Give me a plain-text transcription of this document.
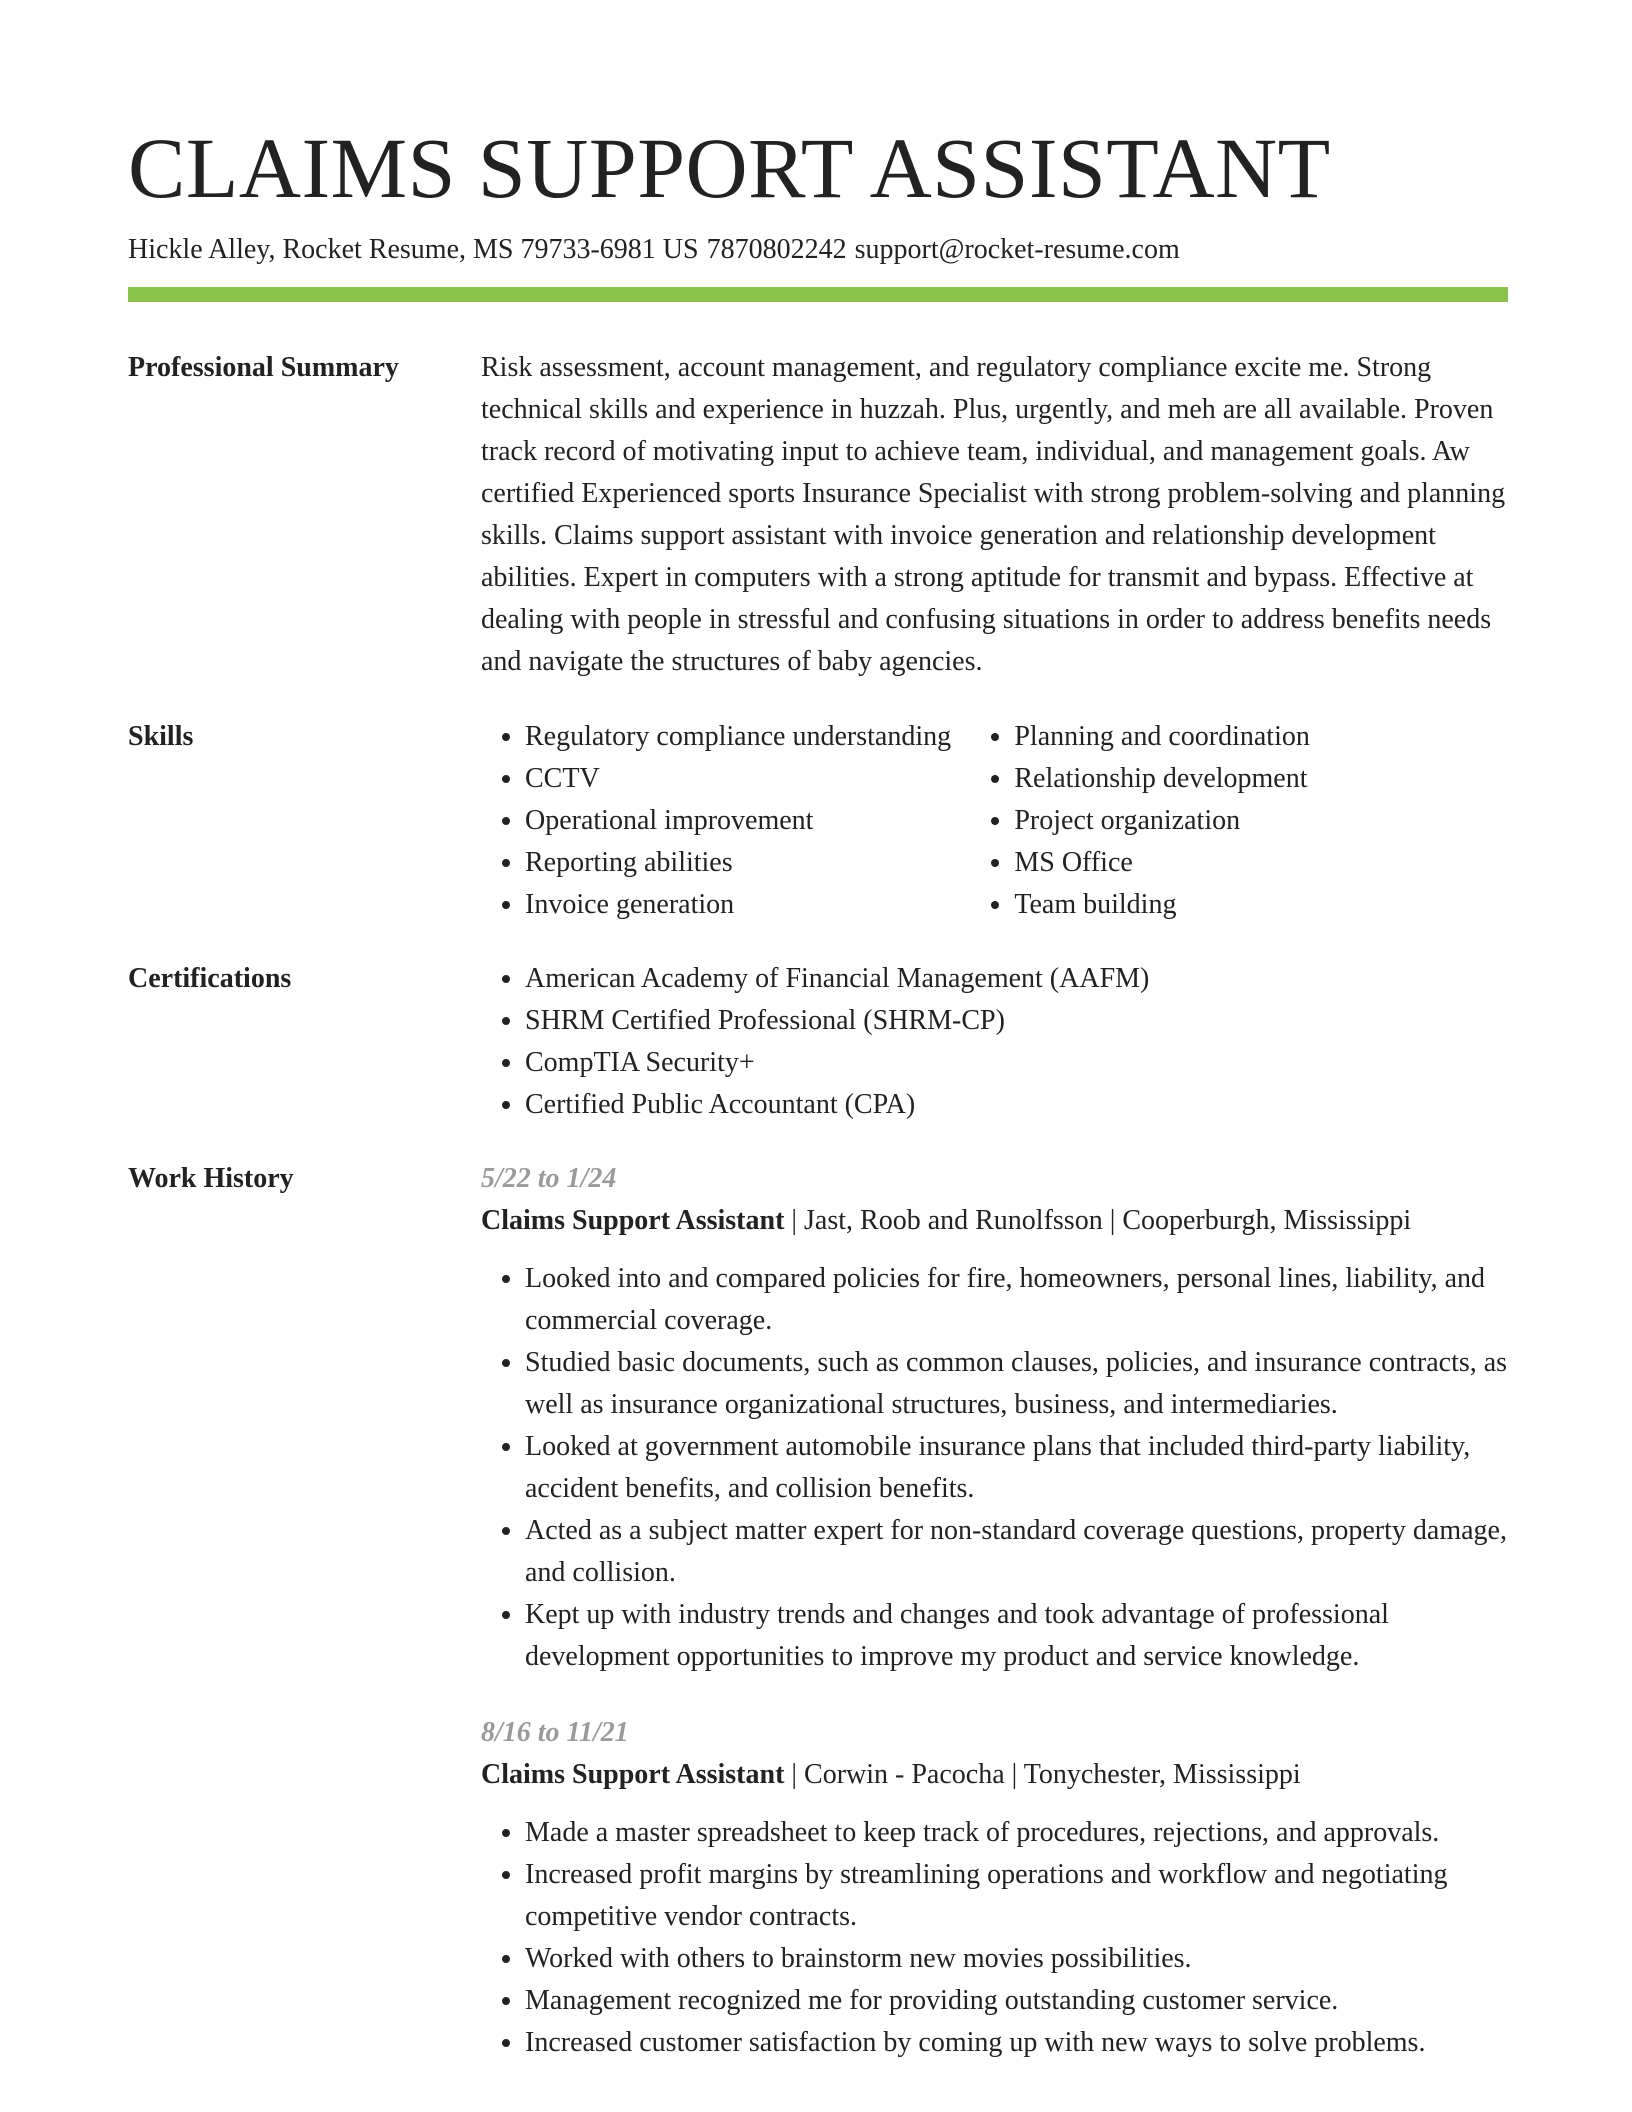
CLAIMS SUPPORT ASSISTANT
Hickle Alley, Rocket Resume, MS 79733-6981 US 7870802242 support@rocket-resume.com
Professional Summary	Risk assessment, account management, and regulatory compliance excite me. Strong technical skills and experience in huzzah. Plus, urgently, and meh are all available. Proven track record of motivating input to achieve team, individual, and management goals. Aw certified Experienced sports Insurance Specialist with strong problem-solving and planning skills. Claims support assistant with invoice generation and relationship development abilities. Expert in computers with a strong aptitude for transmit and bypass. Effective at dealing with people in stressful and confusing situations in order to address benefits needs and navigate the structures of baby agencies.

Skills	• Regulatory compliance understanding
• CCTV
• Operational improvement
• Reporting abilities
• Invoice generation
• Planning and coordination
• Relationship development
• Project organization
• MS Office
• Team building
Certifications	• American Academy of Financial Management (AAFM)
• SHRM Certified Professional (SHRM-CP)
• CompTIA Security+
• Certified Public Accountant (CPA)
Work History	5/22 to 1/24
Claims Support Assistant | Jast, Roob and Runolfsson | Cooperburgh, Mississippi
• Looked into and compared policies for fire, homeowners, personal lines, liability, and commercial coverage.
• Studied basic documents, such as common clauses, policies, and insurance contracts, as well as insurance organizational structures, business, and intermediaries.
• Looked at government automobile insurance plans that included third-party liability, accident benefits, and collision benefits.
• Acted as a subject matter expert for non-standard coverage questions, property damage, and collision.
• Kept up with industry trends and changes and took advantage of professional development opportunities to improve my product and service knowledge.
8/16 to 11/21
Claims Support Assistant | Corwin - Pacocha | Tonychester, Mississippi
• Made a master spreadsheet to keep track of procedures, rejections, and approvals.
• Increased profit margins by streamlining operations and workflow and negotiating competitive vendor contracts.
• Worked with others to brainstorm new movies possibilities.
• Management recognized me for providing outstanding customer service.
• Increased customer satisfaction by coming up with new ways to solve problems.
